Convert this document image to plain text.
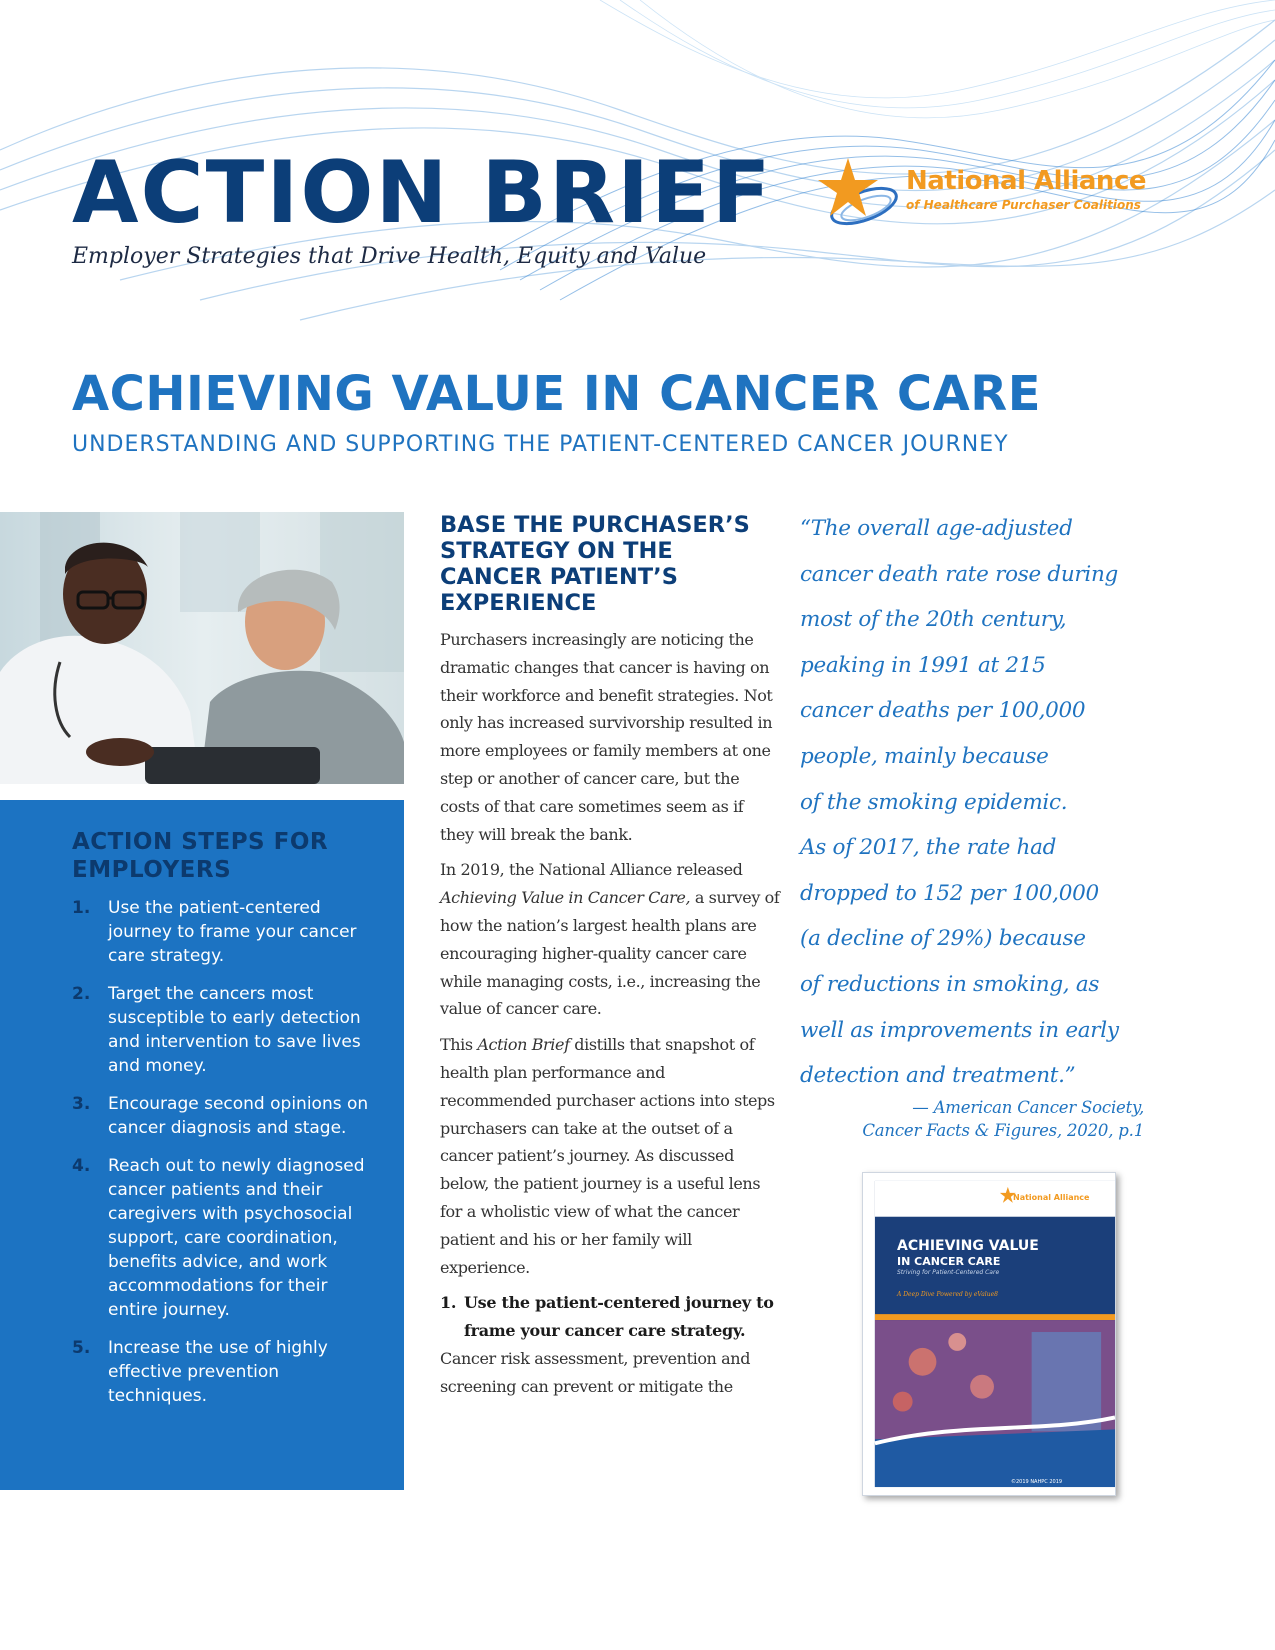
ACTION BRIEF
Employer Strategies that Drive Health, Equity and Value
National Alliance
of Healthcare Purchaser Coalitions
ACHIEVING VALUE IN CANCER CARE
UNDERSTANDING AND SUPPORTING THE PATIENT-CENTERED CANCER JOURNEY
ACTION STEPS FOR EMPLOYERS
1.	Use the patient-centered journey to frame your cancer care strategy.
2.	Target the cancers most susceptible to early detection and intervention to save lives and money.
3.	Encourage second opinions on cancer diagnosis and stage.
4.	Reach out to newly diagnosed cancer patients and their caregivers with psychosocial support, care coordination, benefits advice, and work accommodations for their entire journey.
5.	Increase the use of highly effective prevention techniques.
BASE THE PURCHASER’S STRATEGY ON THE CANCER PATIENT’S EXPERIENCE

Purchasers increasingly are noticing the dramatic changes that cancer is having on their workforce and benefit strategies. Not only has increased survivorship resulted in more employees or family members at one step or another of cancer care, but the costs of that care sometimes seem as if they will break the bank.

In 2019, the National Alliance released Achieving Value in Cancer Care, a survey of how the nation’s largest health plans are encouraging higher-quality cancer care while managing costs, i.e., increasing the value of cancer care.

This Action Brief distills that snapshot of health plan performance and recommended purchaser actions into steps purchasers can take at the outset of a cancer patient’s journey. As discussed below, the patient journey is a useful lens for a wholistic view of what the cancer patient and his or her family will experience.

1. Use the patient-centered journey to frame your cancer care strategy.

Cancer risk assessment, prevention and screening can prevent or mitigate the

“The overall age-adjusted
cancer death rate rose during
most of the 20th century,
peaking in 1991 at 215
cancer deaths per 100,000
people, mainly because
of the smoking epidemic.
As of 2017, the rate had
dropped to 152 per 100,000
(a decline of 29%) because
of reductions in smoking, as
well as improvements in early
detection and treatment.”
— American Cancer Society,
Cancer Facts & Figures, 2020, p.1
National Alliance
ACHIEVING VALUE
IN CANCER CARE
Striving for Patient-Centered Care
A Deep Dive Powered by eValue8
©2019 NAHPC 2019
